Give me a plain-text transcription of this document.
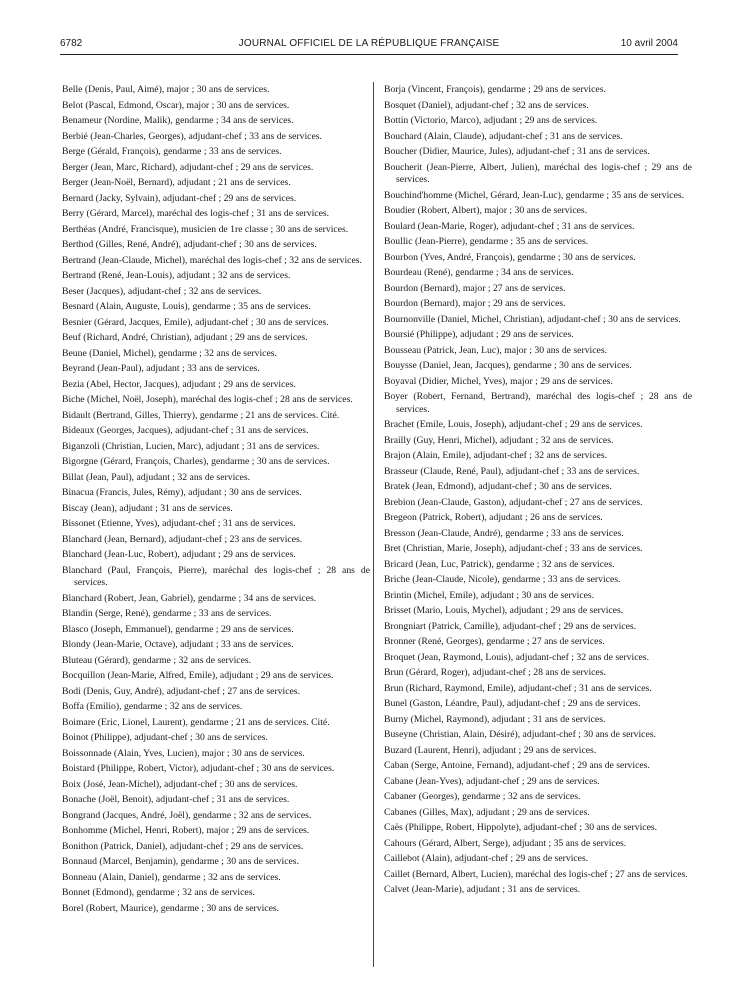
6782	JOURNAL OFFICIEL DE LA RÉPUBLIQUE FRANÇAISE	10 avril 2004
Belle (Denis, Paul, Aimé), major ; 30 ans de services.
Belot (Pascal, Edmond, Oscar), major ; 30 ans de services.
Benameur (Nordine, Malik), gendarme ; 34 ans de services.
Berbié (Jean-Charles, Georges), adjudant-chef ; 33 ans de services.
Berge (Gérald, François), gendarme ; 33 ans de services.
Berger (Jean, Marc, Richard), adjudant-chef ; 29 ans de services.
Berger (Jean-Noël, Bernard), adjudant ; 21 ans de services.
Bernard (Jacky, Sylvain), adjudant-chef ; 29 ans de services.
Berry (Gérard, Marcel), maréchal des logis-chef ; 31 ans de services.
Berthéas (André, Francisque), musicien de 1re classe ; 30 ans de services.
Berthod (Gilles, René, André), adjudant-chef ; 30 ans de services.
Bertrand (Jean-Claude, Michel), maréchal des logis-chef ; 32 ans de services.
Bertrand (René, Jean-Louis), adjudant ; 32 ans de services.
Beser (Jacques), adjudant-chef ; 32 ans de services.
Besnard (Alain, Auguste, Louis), gendarme ; 35 ans de services.
Besnier (Gérard, Jacques, Emile), adjudant-chef ; 30 ans de services.
Beuf (Richard, André, Christian), adjudant ; 29 ans de services.
Beune (Daniel, Michel), gendarme ; 32 ans de services.
Beyrand (Jean-Paul), adjudant ; 33 ans de services.
Bezia (Abel, Hector, Jacques), adjudant ; 29 ans de services.
Biche (Michel, Noël, Joseph), maréchal des logis-chef ; 28 ans de services.
Bidault (Bertrand, Gilles, Thierry), gendarme ; 21 ans de services. Cité.
Bideaux (Georges, Jacques), adjudant-chef ; 31 ans de services.
Biganzoli (Christian, Lucien, Marc), adjudant ; 31 ans de services.
Bigorgne (Gérard, François, Charles), gendarme ; 30 ans de services.
Billat (Jean, Paul), adjudant ; 32 ans de services.
Binacua (Francis, Jules, Rémy), adjudant ; 30 ans de services.
Biscay (Jean), adjudant ; 31 ans de services.
Bissonet (Etienne, Yves), adjudant-chef ; 31 ans de services.
Blanchard (Jean, Bernard), adjudant-chef ; 23 ans de services.
Blanchard (Jean-Luc, Robert), adjudant ; 29 ans de services.
Blanchard (Paul, François, Pierre), maréchal des logis-chef ; 28 ans de services.
Blanchard (Robert, Jean, Gabriel), gendarme ; 34 ans de services.
Blandin (Serge, René), gendarme ; 33 ans de services.
Blasco (Joseph, Emmanuel), gendarme ; 29 ans de services.
Blondy (Jean-Marie, Octave), adjudant ; 33 ans de services.
Bluteau (Gérard), gendarme ; 32 ans de services.
Bocquillon (Jean-Marie, Alfred, Emile), adjudant ; 29 ans de services.
Bodi (Denis, Guy, André), adjudant-chef ; 27 ans de services.
Boffa (Emilio), gendarme ; 32 ans de services.
Boimare (Eric, Lionel, Laurent), gendarme ; 21 ans de services. Cité.
Boinot (Philippe), adjudant-chef ; 30 ans de services.
Boissonnade (Alain, Yves, Lucien), major ; 30 ans de services.
Boistard (Philippe, Robert, Victor), adjudant-chef ; 30 ans de services.
Boix (José, Jean-Michel), adjudant-chef ; 30 ans de services.
Bonache (Joël, Benoit), adjudant-chef ; 31 ans de services.
Bongrand (Jacques, André, Joël), gendarme ; 32 ans de services.
Bonhomme (Michel, Henri, Robert), major ; 29 ans de services.
Bonithon (Patrick, Daniel), adjudant-chef ; 29 ans de services.
Bonnaud (Marcel, Benjamin), gendarme ; 30 ans de services.
Bonneau (Alain, Daniel), gendarme ; 32 ans de services.
Bonnet (Edmond), gendarme ; 32 ans de services.
Borel (Robert, Maurice), gendarme ; 30 ans de services.
Borja (Vincent, François), gendarme ; 29 ans de services.
Bosquet (Daniel), adjudant-chef ; 32 ans de services.
Bottin (Victorio, Marco), adjudant ; 29 ans de services.
Bouchard (Alain, Claude), adjudant-chef ; 31 ans de services.
Boucher (Didier, Maurice, Jules), adjudant-chef ; 31 ans de services.
Boucherit (Jean-Pierre, Albert, Julien), maréchal des logis-chef ; 29 ans de services.
Bouchind'homme (Michel, Gérard, Jean-Luc), gendarme ; 35 ans de services.
Boudier (Robert, Albert), major ; 30 ans de services.
Boulard (Jean-Marie, Roger), adjudant-chef ; 31 ans de services.
Boullic (Jean-Pierre), gendarme ; 35 ans de services.
Bourbon (Yves, André, François), gendarme ; 30 ans de services.
Bourdeau (René), gendarme ; 34 ans de services.
Bourdon (Bernard), major ; 27 ans de services.
Bourdon (Bernard), major ; 29 ans de services.
Bournonville (Daniel, Michel, Christian), adjudant-chef ; 30 ans de services.
Boursié (Philippe), adjudant ; 29 ans de services.
Bousseau (Patrick, Jean, Luc), major ; 30 ans de services.
Bouysse (Daniel, Jean, Jacques), gendarme ; 30 ans de services.
Boyaval (Didier, Michel, Yves), major ; 29 ans de services.
Boyer (Robert, Fernand, Bertrand), maréchal des logis-chef ; 28 ans de services.
Brachet (Emile, Louis, Joseph), adjudant-chef ; 29 ans de services.
Brailly (Guy, Henri, Michel), adjudant ; 32 ans de services.
Brajon (Alain, Emile), adjudant-chef ; 32 ans de services.
Brasseur (Claude, René, Paul), adjudant-chef ; 33 ans de services.
Bratek (Jean, Edmond), adjudant-chef ; 30 ans de services.
Brebion (Jean-Claude, Gaston), adjudant-chef ; 27 ans de services.
Bregeon (Patrick, Robert), adjudant ; 26 ans de services.
Bresson (Jean-Claude, André), gendarme ; 33 ans de services.
Bret (Christian, Marie, Joseph), adjudant-chef ; 33 ans de services.
Bricard (Jean, Luc, Patrick), gendarme ; 32 ans de services.
Briche (Jean-Claude, Nicole), gendarme ; 33 ans de services.
Brintin (Michel, Emile), adjudant ; 30 ans de services.
Brisset (Mario, Louis, Mychel), adjudant ; 29 ans de services.
Brongniart (Patrick, Camille), adjudant-chef ; 29 ans de services.
Bronner (René, Georges), gendarme ; 27 ans de services.
Broquet (Jean, Raymond, Louis), adjudant-chef ; 32 ans de services.
Brun (Gérard, Roger), adjudant-chef ; 28 ans de services.
Brun (Richard, Raymond, Emile), adjudant-chef ; 31 ans de services.
Bunel (Gaston, Léandre, Paul), adjudant-chef ; 29 ans de services.
Burny (Michel, Raymond), adjudant ; 31 ans de services.
Buseyne (Christian, Alain, Désiré), adjudant-chef ; 30 ans de services.
Buzard (Laurent, Henri), adjudant ; 29 ans de services.
Caban (Serge, Antoine, Fernand), adjudant-chef ; 29 ans de services.
Cabane (Jean-Yves), adjudant-chef ; 29 ans de services.
Cabaner (Georges), gendarme ; 32 ans de services.
Cabanes (Gilles, Max), adjudant ; 29 ans de services.
Caës (Philippe, Robert, Hippolyte), adjudant-chef ; 30 ans de services.
Cahours (Gérard, Albert, Serge), adjudant ; 35 ans de services.
Caillebot (Alain), adjudant-chef ; 29 ans de services.
Caillet (Bernard, Albert, Lucien), maréchal des logis-chef ; 27 ans de services.
Calvet (Jean-Marie), adjudant ; 31 ans de services.
